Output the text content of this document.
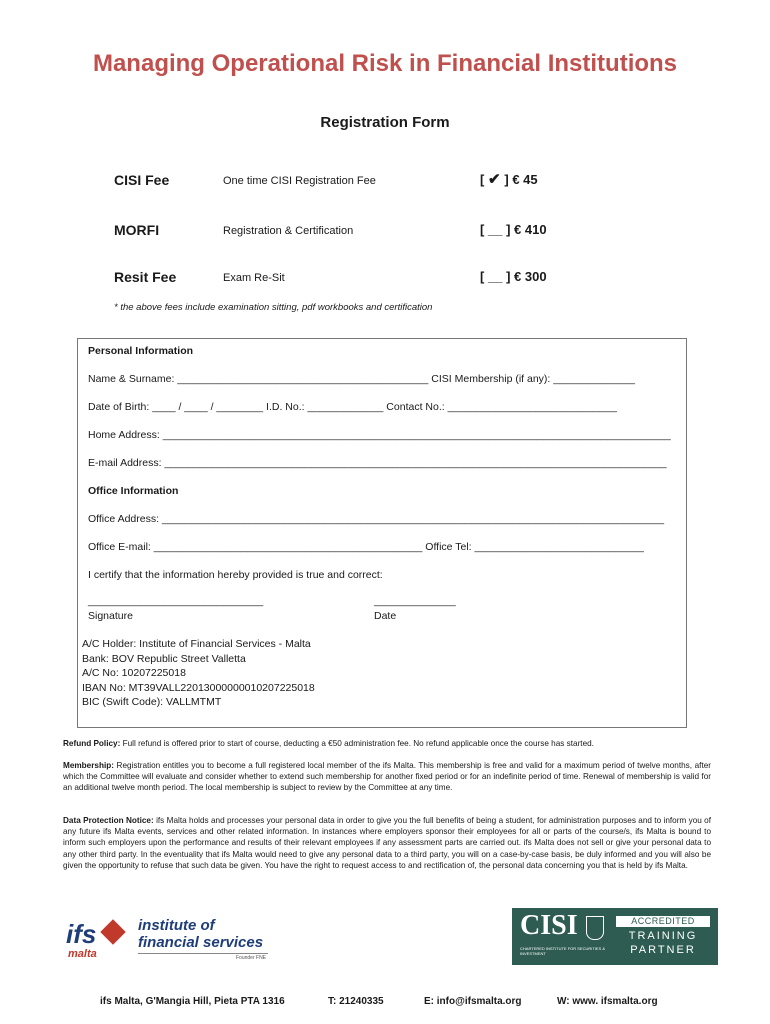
Managing Operational Risk in Financial Institutions
Registration Form
CISI Fee	One time CISI Registration Fee	[ ✔ ] € 45
MORFI	Registration & Certification	[ __ ] € 410
Resit Fee	Exam Re-Sit	[ __ ] € 300
* the above fees include examination sitting, pdf workbooks and certification
Personal Information
Name & Surname: ___________________________________________ CISI Membership (if any): ______________
Date of Birth: ____ / ____ / ________ I.D. No.: _____________ Contact No.: _____________________________
Home Address: _______________________________________________________________________________________
E-mail Address: ______________________________________________________________________________________
Office Information
Office Address: ______________________________________________________________________________________
Office E-mail: ______________________________________________ Office Tel: _____________________________
I certify that the information hereby provided is true and correct:
______________________________	______________
Signature	Date
A/C Holder: Institute of Financial Services - Malta
Bank: BOV Republic Street Valletta
A/C No: 10207225018
IBAN No: MT39VALL22013000000010207225018
BIC (Swift Code): VALLMTMT
Refund Policy: Full refund is offered prior to start of course, deducting a €50 administration fee. No refund applicable once the course has started.
Membership: Registration entitles you to become a full registered local member of the ifs Malta. This membership is free and valid for a maximum period of twelve months, after which the Committee will evaluate and consider whether to extend such membership for another fixed period or for an indefinite period of time. Renewal of membership is valid for an additional twelve month period. The local membership is subject to review by the Committee at any time.
Data Protection Notice: ifs Malta holds and processes your personal data in order to give you the full benefits of being a student, for administration purposes and to inform you of any future ifs Malta events, services and other related information. In instances where employers sponsor their employees for all or parts of the course/s, ifs Malta is bound to inform such employers upon the performance and results of their relevant employees if any assessment parts are carried out. ifs Malta does not sell or give your personal data to any other third party. In the eventuality that ifs Malta would need to give any personal data to a third party, you will on a case-by-case basis, be duly informed and you will also be given the opportunity to refuse that such data be given. You have the right to request access to and rectification of, the personal data concerning you that is held by ifs Malta.
ifs
malta
institute of
financial services
Founder FNE
CISI
CHARTERED INSTITUTE FOR SECURITIES & INVESTMENT
ACCREDITED
TRAINING
PARTNER
ifs Malta, G'Mangia Hill, Pieta PTA 1316	T: 21240335	E: info@ifsmalta.org	W: www. ifsmalta.org
